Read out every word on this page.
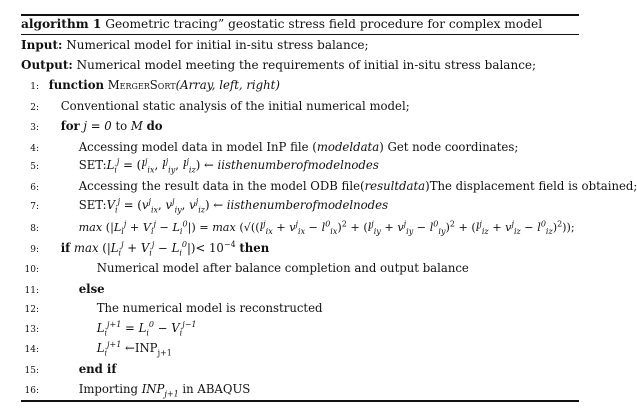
algorithm 1 Geometric tracing” geostatic stress field procedure for complex model
Input: Numerical model for initial in-situ stress balance;
Output: Numerical model meeting the requirements of initial in-situ stress balance;
1: function MergerSort(Array, left, right)
2: Conventional static analysis of the initial numerical model;
3: for j = 0 to M do
4:	Accessing model data in model InP file (modeldata) Get node coordinates;
5:	$SET:L_i^j = (l^j_{ix}$, $l^j_{iy}$, $l^j_{iz}$) ← iisthenumberofmodelnodes
6:	Accessing the result data in the model ODB file(resultdata)The displacement field is obtained;
7:	$SET:V_i^j = (v^j_{ix}$, $v^j_{iy}$, $v^j_{iz}$) ← iisthenumberofmodelnodes
8:	$\max (|L_i^j + V_i^j - L_i^0|) = \max (√((l^j_{ix} + v^j_{ix} - l^0_{ix})^2 + (l^j_{iy} + v^j_{iy} - l^0_{iy})^2 + (l^j_{iz} + v^j_{iz} - l^0_{iz})^2))$;
9: if $\max (|L_i^j + V_i^j - L_i^0|)< 10^{-4}$ then
10:	Numerical model after balance completion and output balance
11:	else
12:	The numerical model is reconstructed
13:	$L_i^{j+1} = L_i^0 - V_i^{j-1}$
14:	$L_i^{j+1}$ $\leftarrow INP_{j+1}$
15:	end if
16:	Importing $INP_{j+1}$ in ABAQUS
